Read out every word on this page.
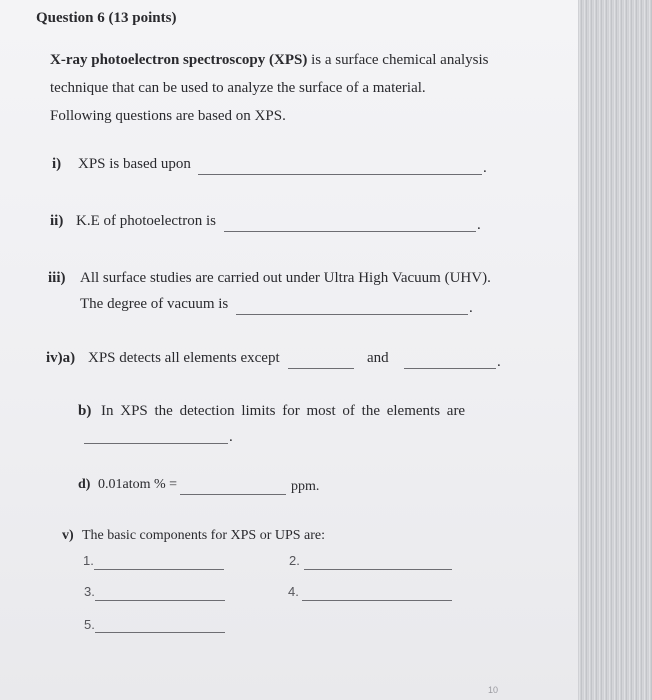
Question 6 (13 points)
X-ray photoelectron spectroscopy (XPS) is a surface chemical analysis
technique that can be used to analyze the surface of a material.
Following questions are based on XPS.
i) XPS is based upon	.
ii) K.E of photoelectron is	.
iii) All surface studies are carried out under Ultra High Vacuum (UHV).
The degree of vacuum is	.
iv)a) XPS detects all elements except	and	.
b) In XPS the detection limits for most of the elements are
.
d) 0.01atom % =	ppm.
v) The basic components for XPS or UPS are:
1.	2.
3.	4.
5.
10
